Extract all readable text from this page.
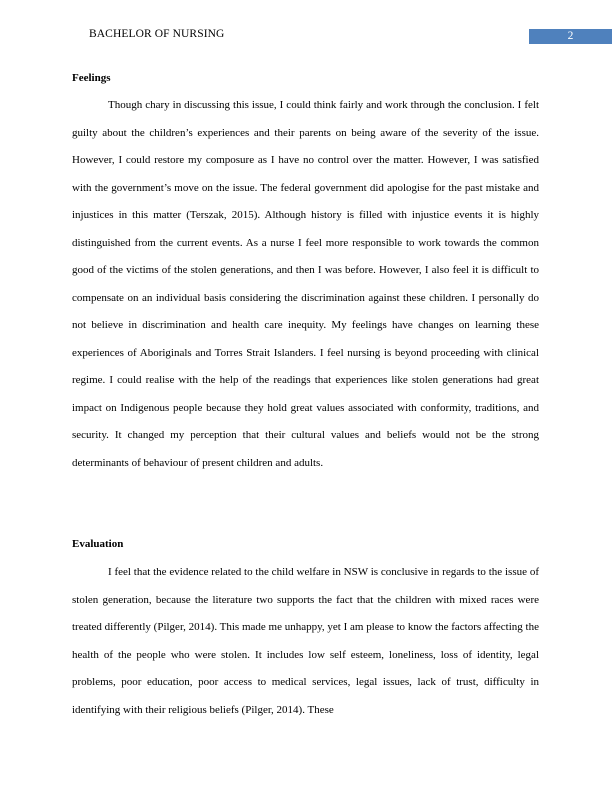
BACHELOR OF NURSING	2
Feelings

Though chary in discussing this issue, I could think fairly and work through the conclusion. I felt guilty about the children’s experiences and their parents on being aware of the severity of the issue. However, I could restore my composure as I have no control over the matter. However, I was satisfied with the government’s move on the issue. The federal government did apologise for the past mistake and injustices in this matter (Terszak, 2015). Although history is filled with injustice events it is highly distinguished from the current events. As a nurse I feel more responsible to work towards the common good of the victims of the stolen generations, and then I was before. However, I also feel it is difficult to compensate on an individual basis considering the discrimination against these children. I personally do not believe in discrimination and health care inequity. My feelings have changes on learning these experiences of Aboriginals and Torres Strait Islanders. I feel nursing is beyond proceeding with clinical regime. I could realise with the help of the readings that experiences like stolen generations had great impact on Indigenous people because they hold great values associated with conformity, traditions, and security. It changed my perception that their cultural values and beliefs would not be the strong determinants of behaviour of present children and adults.

Evaluation

I feel that the evidence related to the child welfare in NSW is conclusive in regards to the issue of stolen generation, because the literature two supports the fact that the children with mixed races were treated differently (Pilger, 2014). This made me unhappy, yet I am please to know the factors affecting the health of the people who were stolen. It includes low self esteem, loneliness, loss of identity, legal problems, poor education, poor access to medical services, legal issues, lack of trust, difficulty in identifying with their religious beliefs (Pilger, 2014). These
